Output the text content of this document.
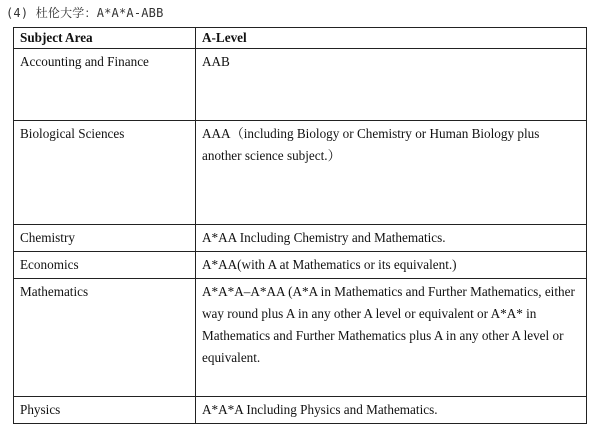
(4) 杜伦大学：A*A*A-ABB
Subject Area	A-Level
Accounting and Finance	AAB
Biological Sciences	AAA（including Biology or Chemistry or Human Biology plus another science subject.）
Chemistry	A*AA Including Chemistry and Mathematics.
Economics	A*AA(with A at Mathematics or its equivalent.)
Mathematics	A*A*A–A*AA (A*A in Mathematics and Further Mathematics, either way round plus A in any other A level or equivalent or A*A* in Mathematics and Further Mathematics plus A in any other A level or equivalent.
Physics	A*A*A Including Physics and Mathematics.
